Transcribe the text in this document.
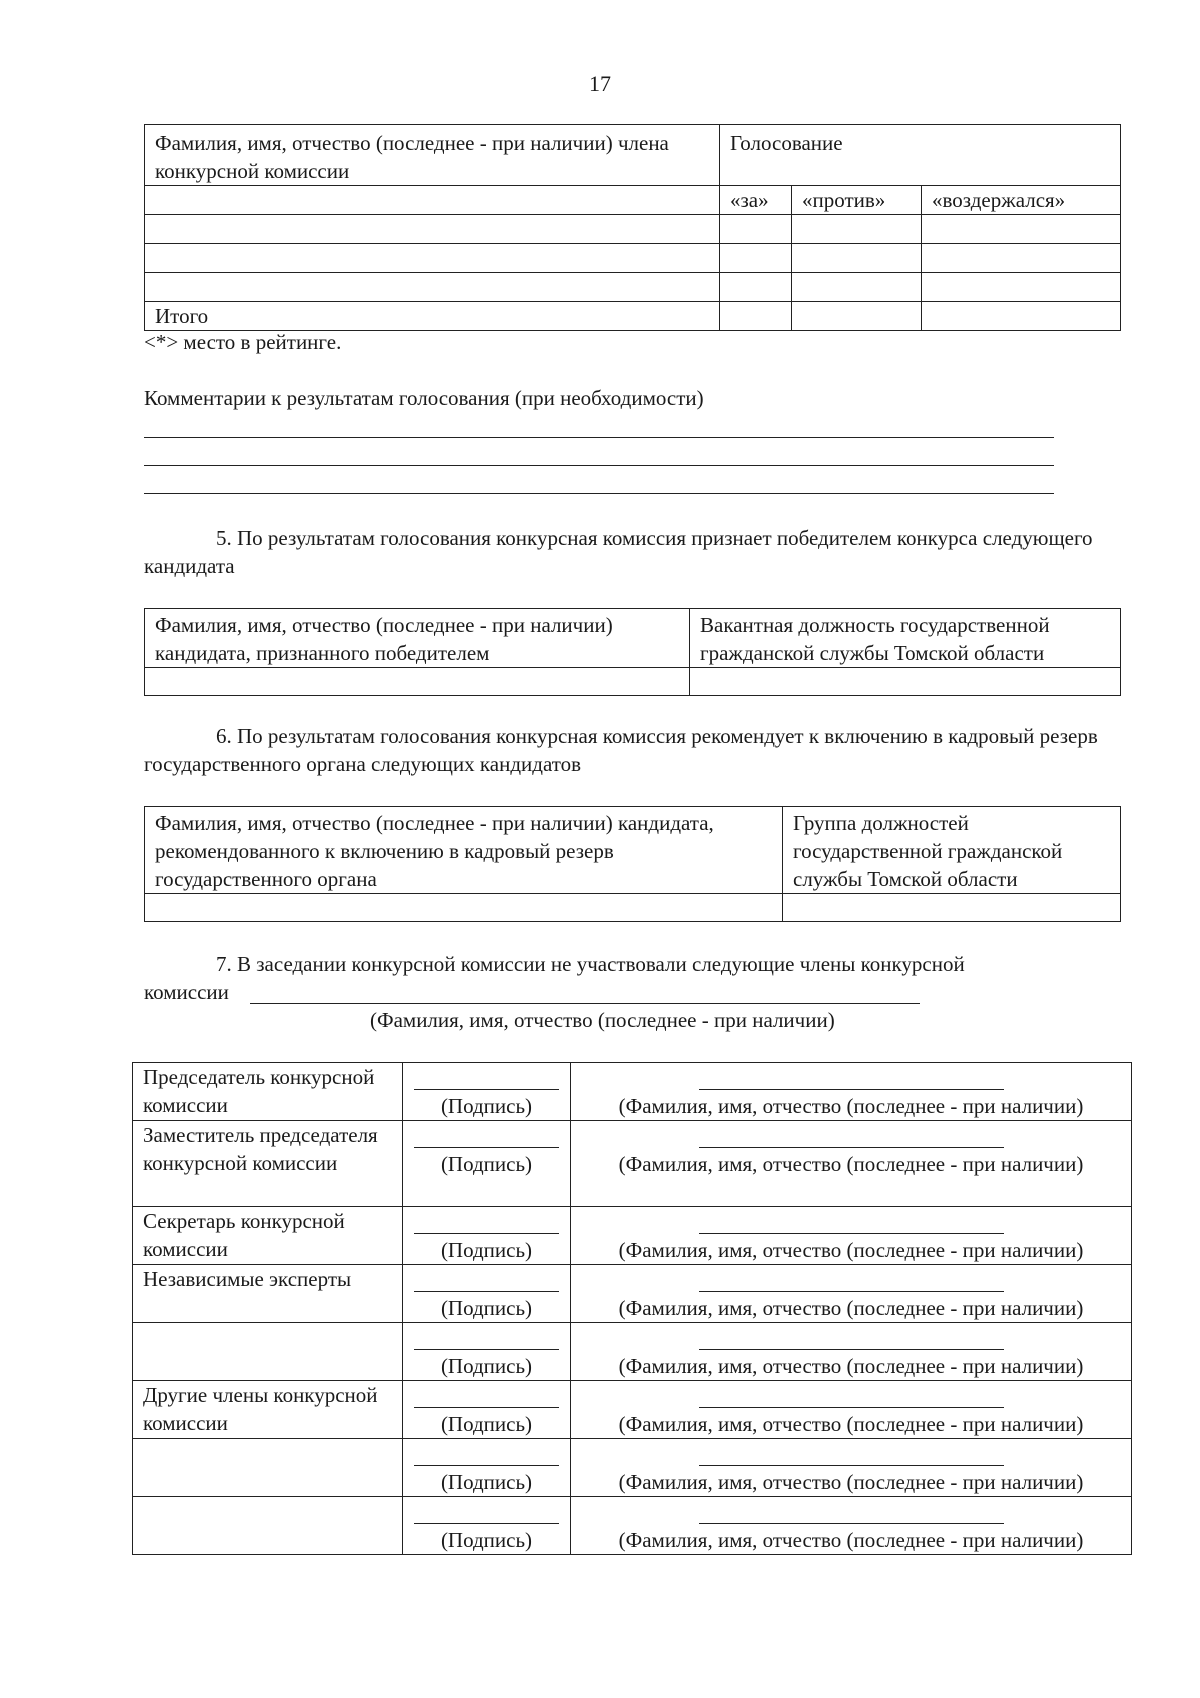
17
Фамилия, имя, отчество (последнее - при наличии) члена конкурсной комиссии	Голосование		
	«за»	«против»	«воздержался»

Итого			
<*> место в рейтинге.
Комментарии к результатам голосования (при необходимости)
5. По результатам голосования конкурсная комиссия признает победителем конкурса следующего кандидата
Фамилия, имя, отчество (последнее - при наличии) кандидата, признанного победителем	Вакантная должность государственной гражданской службы Томской области

6. По результатам голосования конкурсная комиссия рекомендует к включению в кадровый резерв государственного органа следующих кандидатов
Фамилия, имя, отчество (последнее - при наличии) кандидата, рекомендованного к включению в кадровый резерв государственного органа	Группа должностей государственной гражданской службы Томской области

7. В заседании конкурсной комиссии не участвовали следующие члены конкурсной
комиссии
(Фамилия, имя, отчество (последнее - при наличии)
Председатель конкурсной комиссии	(Подпись)	(Фамилия, имя, отчество (последнее - при наличии)

Заместитель председателя конкурсной комиссии	(Подпись)	(Фамилия, имя, отчество (последнее - при наличии)

Секретарь конкурсной комиссии	(Подпись)	(Фамилия, имя, отчество (последнее - при наличии)

Независимые эксперты	(Подпись)	(Фамилия, имя, отчество (последнее - при наличии)

	(Подпись)	(Фамилия, имя, отчество (последнее - при наличии)

Другие члены конкурсной комиссии	(Подпись)	(Фамилия, имя, отчество (последнее - при наличии)

	(Подпись)	(Фамилия, имя, отчество (последнее - при наличии)

	(Подпись)	(Фамилия, имя, отчество (последнее - при наличии)
